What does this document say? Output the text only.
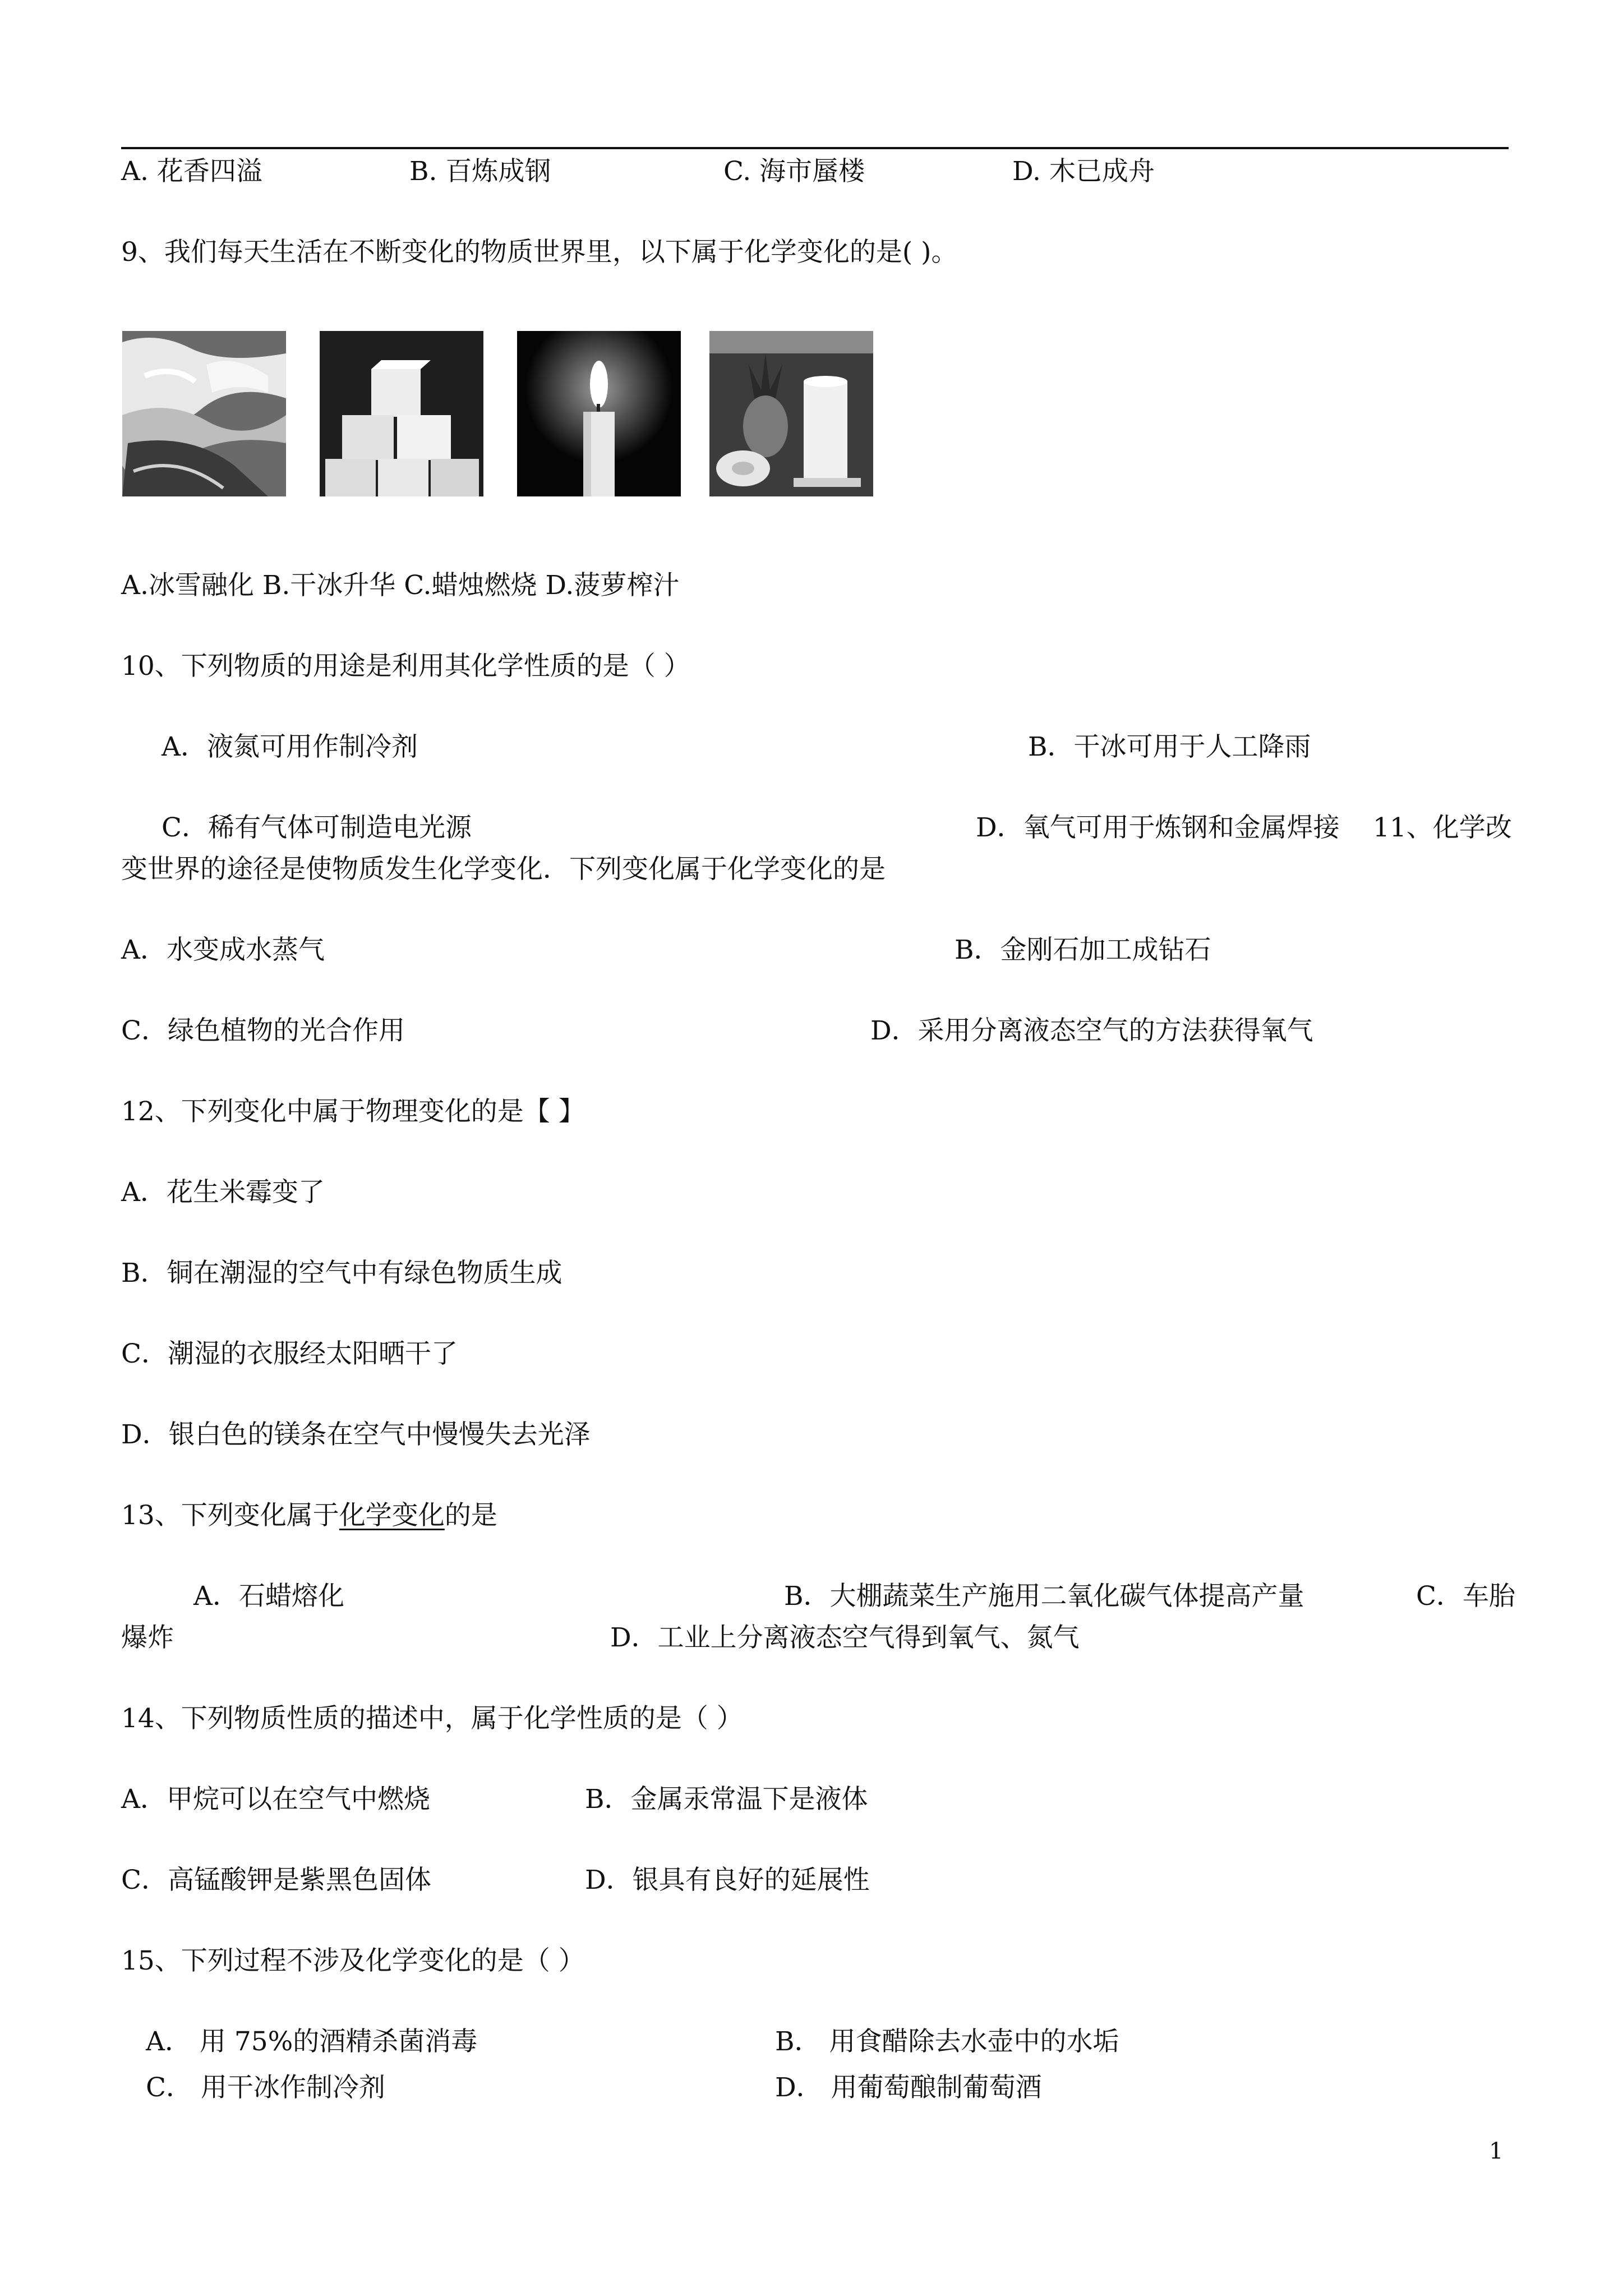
A. 花香四溢	B. 百炼成钢	C. 海市蜃楼	D. 木已成舟
9、我们每天生活在不断变化的物质世界里，以下属于化学变化的是( )。
A.冰雪融化 B.干冰升华 C.蜡烛燃烧 D.菠萝榨汁
10、下列物质的用途是利用其化学性质的是（ ）
A．液氮可用作制冷剂	B．干冰可用于人工降雨
C．稀有气体可制造电光源	D．氧气可用于炼钢和金属焊接 11、化学改
变世界的途径是使物质发生化学变化．下列变化属于化学变化的是
A．水变成水蒸气	B．金刚石加工成钻石
C．绿色植物的光合作用	D．采用分离液态空气的方法获得氧气
12、下列变化中属于物理变化的是【 】
A．花生米霉变了
B．铜在潮湿的空气中有绿色物质生成
C．潮湿的衣服经太阳晒干了
D．银白色的镁条在空气中慢慢失去光泽
13、下列变化属于化学变化的是
A．石蜡熔化	B．大棚蔬菜生产施用二氧化碳气体提高产量	C．车胎
爆炸	D．工业上分离液态空气得到氧气、氮气
14、下列物质性质的描述中，属于化学性质的是（ ）
A．甲烷可以在空气中燃烧	B．金属汞常温下是液体
C．高锰酸钾是紫黑色固体	D．银具有良好的延展性
15、下列过程不涉及化学变化的是（ ）
A． 用 75%的酒精杀菌消毒	B． 用食醋除去水壶中的水垢
C． 用干冰作制冷剂	D． 用葡萄酿制葡萄酒
1
